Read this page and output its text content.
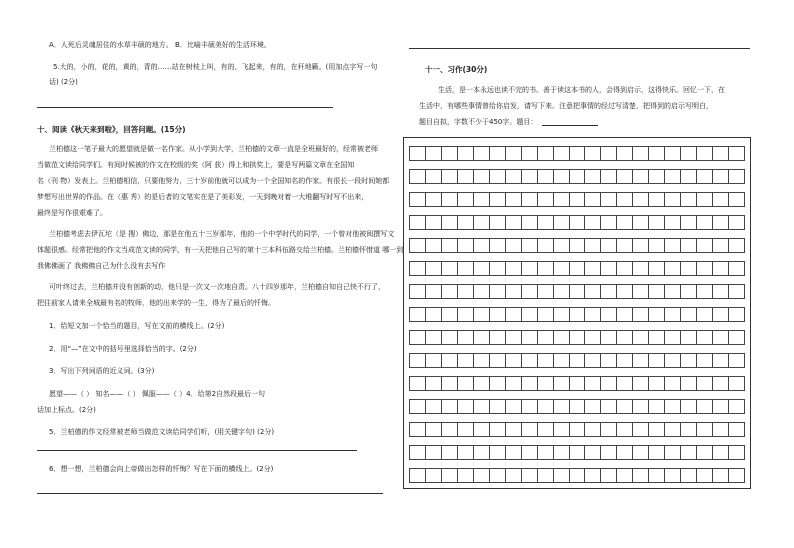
A．人死后灵魂居住的水草丰硕的地方。 B．比喻丰硕美好的生活环境。
5.大的，小的，花的，黄的，青的……站在树枝上叫，有的，飞起来，有的，在秆地籁。(用加点字写一句
话) (2分)
十、阅读《秋天来到啦》，回答问题。(15分)
兰柏德这一笔子最大的愿望就是做一名作家。从小学到大学，兰柏德的文章一直是全班最好的，经常被老师
当做范文读给同学们。有间时候被的作文在校级的奖（阿 获）得上和拱奖上，要是写两篇文章在全国知
名（刊 物）发表上。兰柏德相信，只要他努力，三十岁前他就可以成为一个全国知名的作家。有很长一段时间她都
梦想写出世界的作品。在（惠 秀）的是后者的文笔实在是了美彩发，一天到晚对着一大堆翻写时写不出来，
最终是写作很艰难了。
兰柏德考虑去伊瓦坨（是 搜）佛边，那是在他五十三岁那年，他的一个中学时代的同学，一个曾对他被阅撰写文
体题很感。经常把他的作文当成范文读的同学，有一天把他自己写的第十三本科伍路交给兰柏德。兰柏德怀惜道 哪一到
我佛佛画了 我佛佛自己为什么没有去写作
可叶终过去，兰柏德并没有创新的动，他只是一次又一次地自责。八十四岁那年，兰柏德自知自己快不行了，
把往前家人请来全城最有名的牧师，他的出来学的一生，得为了最后的忏悔。
1．给短文加一个恰当的题目，写在文前的横线上。(2分)
2．用“—”在文中的括号里选择恰当的字。(2分)
3．写出下列词语的近义词。(3分)
愿望——（ ） 知名——（ ） 佩服——（ ）4．给第2自然段最后一句
话加上标点。(2分)
5．兰柏德的作文经常被老师当做范文读给同学们听，(用关键字句) (2分)
6．想一想，兰柏德会向上帝做出怎样的忏悔？写在下面的横线上。(2分)
十一、习作(30分)
生活，是一本永远也读不完的书。善于读这本书的人，会得到启示，这得快乐。回忆一下，在
生活中，有哪些事情曾给你启发，请写下来。注意把事情的经过写清楚，把得到的启示写明白，
题目自拟，字数不少于450字。题目：
